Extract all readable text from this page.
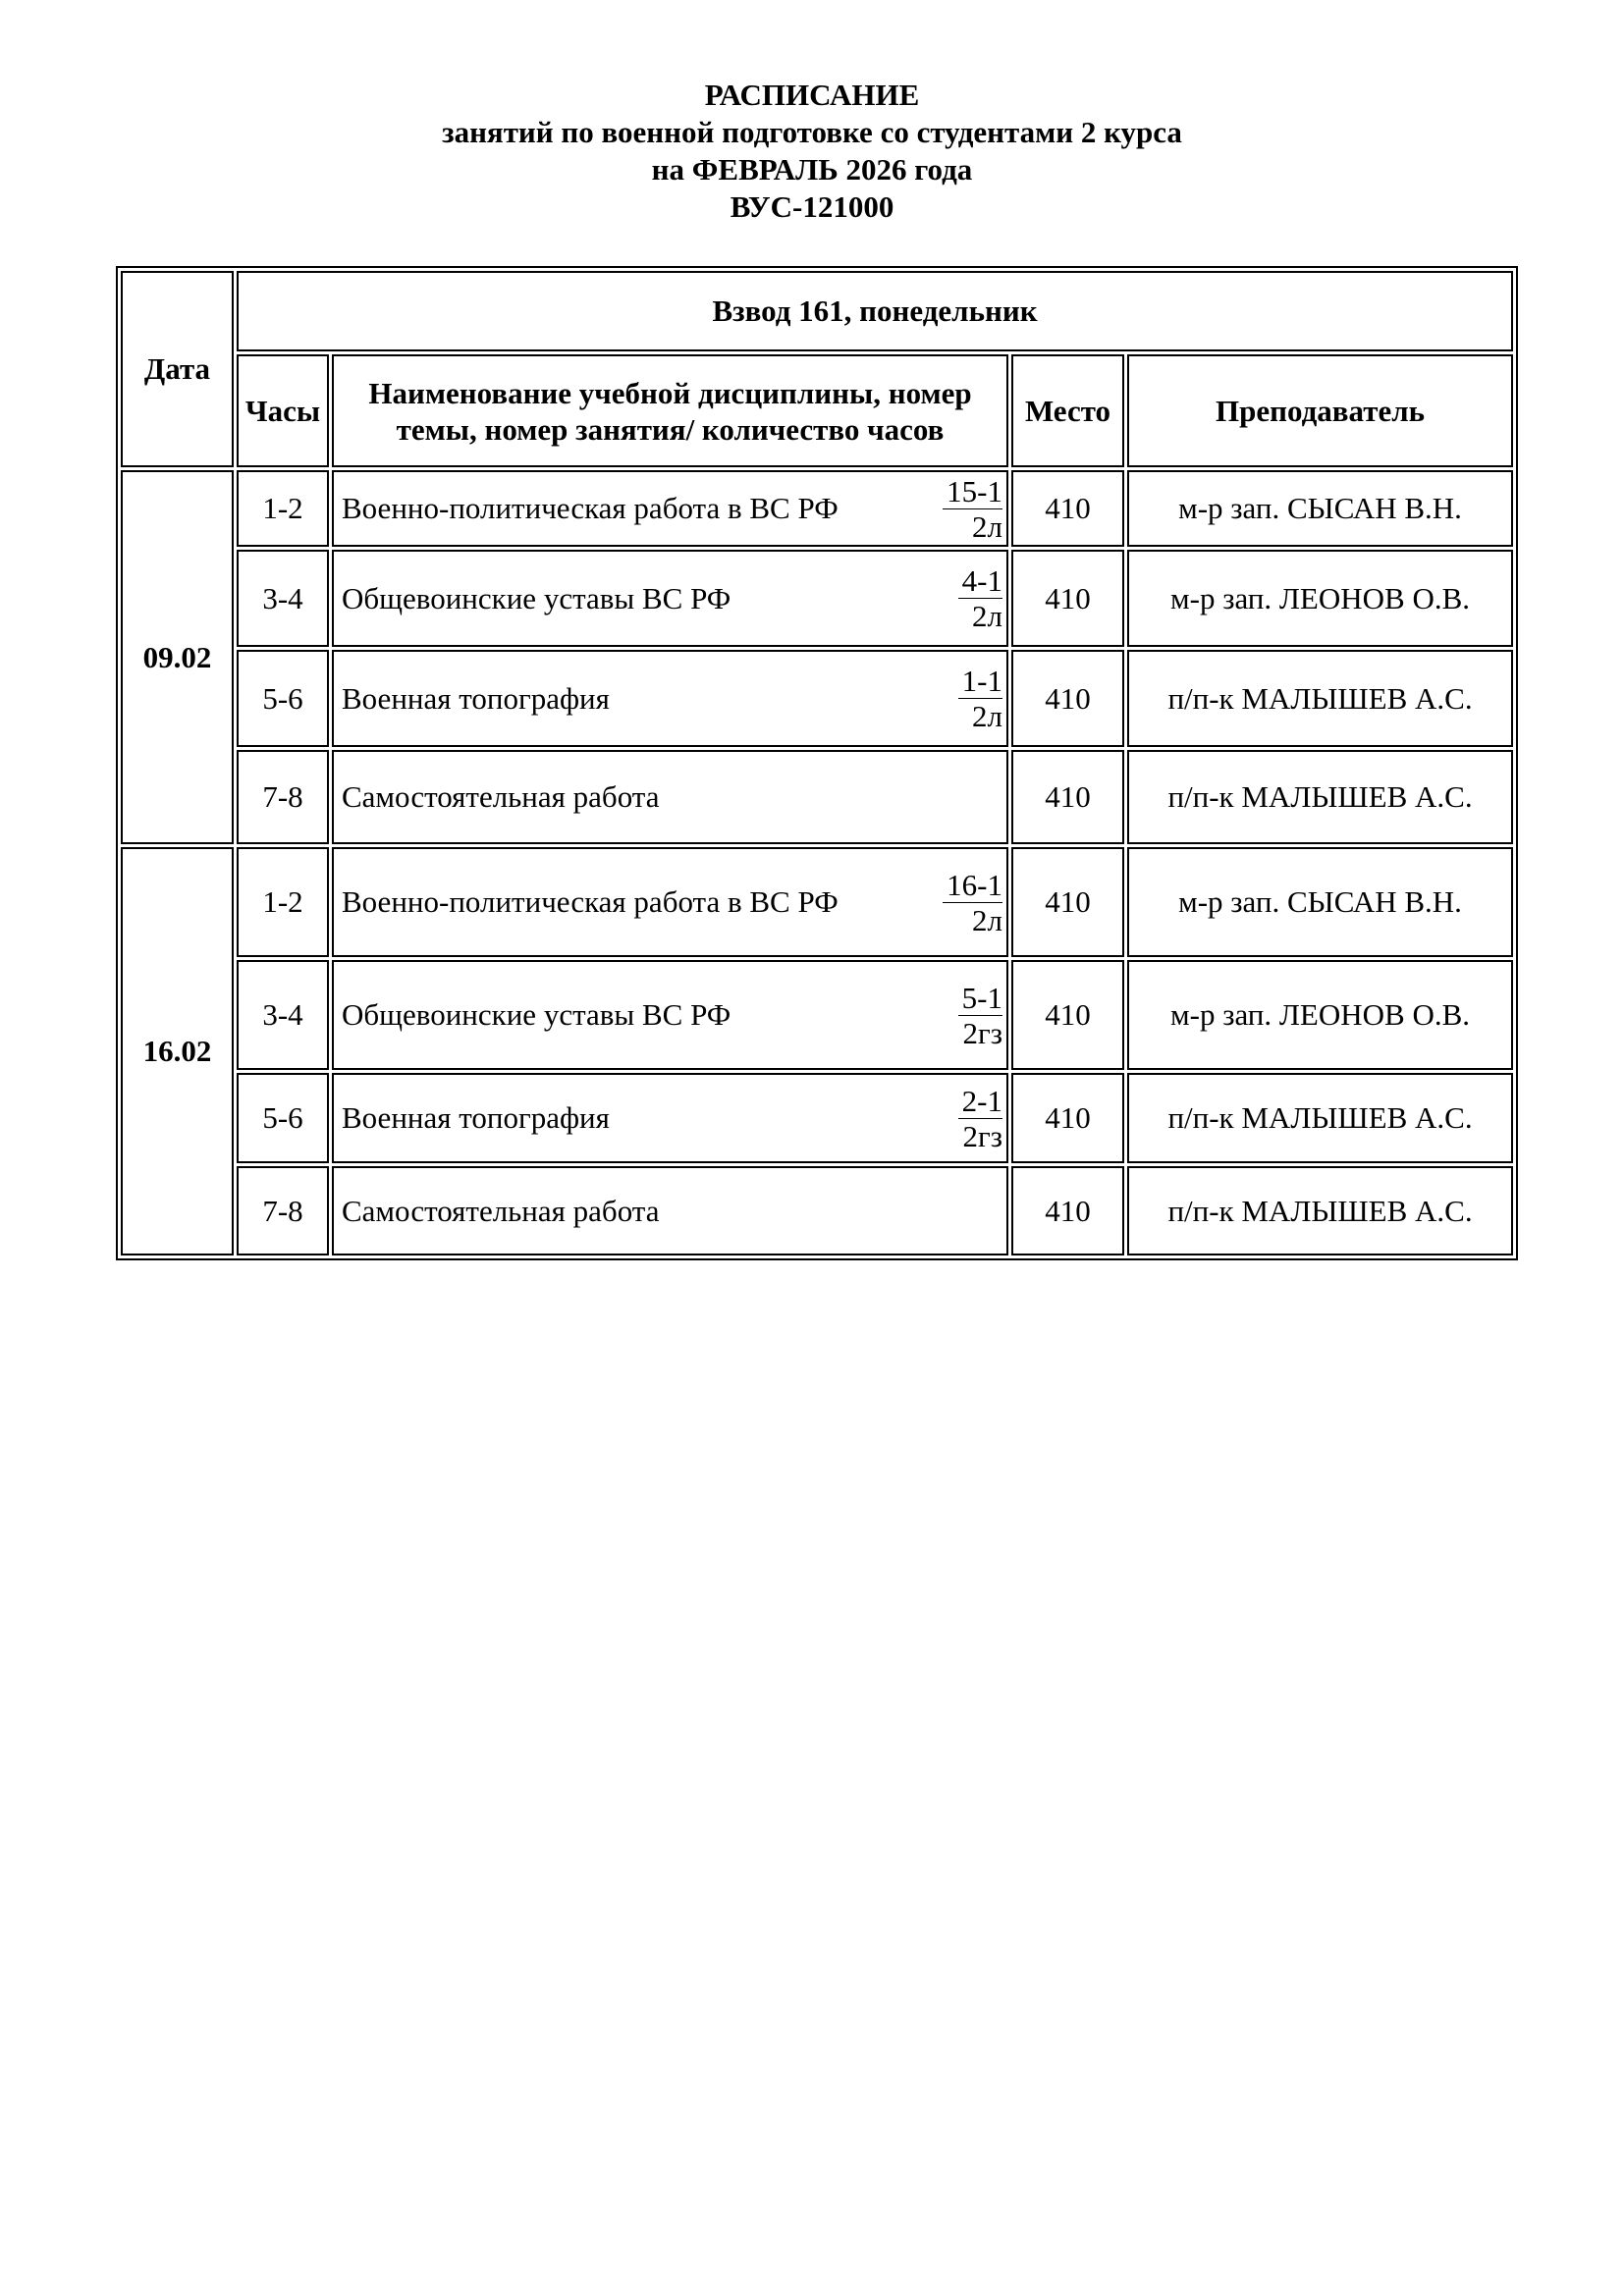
РАСПИСАНИЕ
занятий по военной подготовке со студентами 2 курса
на ФЕВРАЛЬ 2026 года
ВУС-121000
Дата	Взвод 161, понедельник			
	Часы	Наименование учебной дисциплины, номер темы, номер занятия/ количество часов	Место	Преподаватель
09.02	1-2	Военно-политическая работа в ВС РФ $\frac{15-1}{2л}$	410	м-р зап. СЫСАН В.Н.
	3-4	Общевоинские уставы ВС РФ $\frac{4-1}{2л}$	410	м-р зап. ЛЕОНОВ О.В.
	5-6	Военная топография $\frac{1-1}{2л}$	410	п/п-к МАЛЫШЕВ А.С.
	7-8	Самостоятельная работа	410	п/п-к МАЛЫШЕВ А.С.
16.02	1-2	Военно-политическая работа в ВС РФ $\frac{16-1}{2л}$	410	м-р зап. СЫСАН В.Н.
	3-4	Общевоинские уставы ВС РФ $\frac{5-1}{2гз}$	410	м-р зап. ЛЕОНОВ О.В.
	5-6	Военная топография $\frac{2-1}{2гз}$	410	п/п-к МАЛЫШЕВ А.С.
	7-8	Самостоятельная работа	410	п/п-к МАЛЫШЕВ А.С.
